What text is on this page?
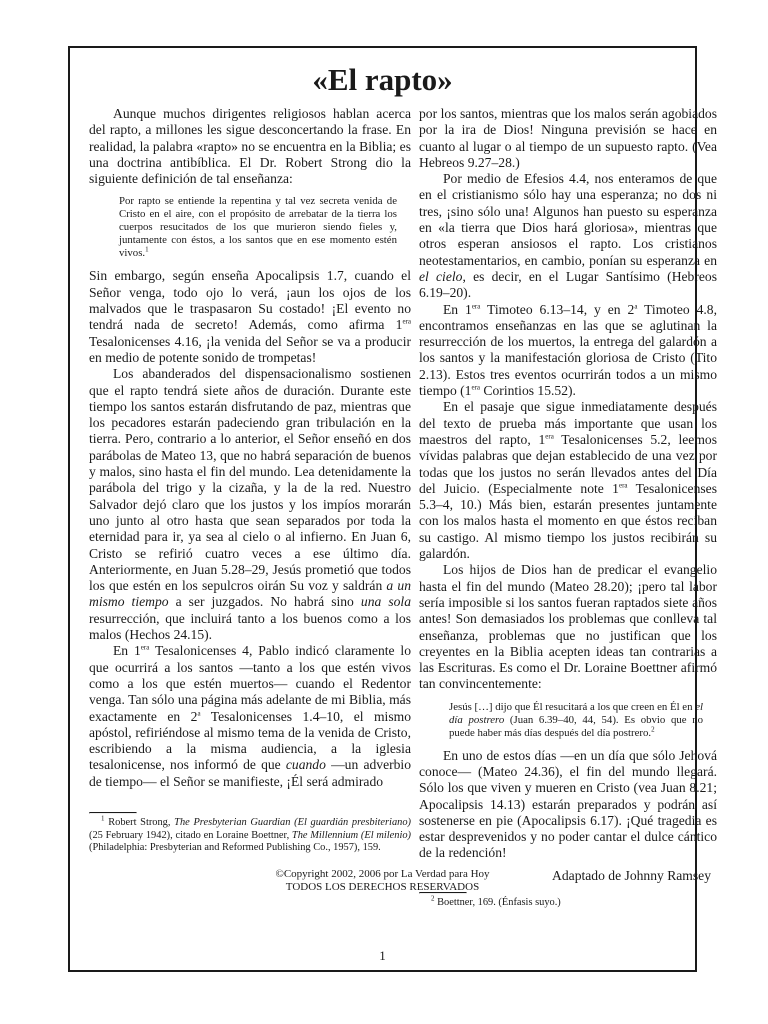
«El rapto»

Aunque muchos dirigentes religiosos hablan acerca del rapto, a millones les sigue desconcertando la frase. En realidad, la palabra «rapto» no se encuentra en la Biblia; es una doctrina antibíblica. El Dr. Robert Strong dio la siguiente definición de tal enseñanza:

Por rapto se entiende la repentina y tal vez secreta venida de Cristo en el aire, con el propósito de arrebatar de la tierra los cuerpos resucitados de los que murieron siendo fieles y, juntamente con éstos, a los santos que en ese momento estén vivos.$^1$

Sin embargo, según enseña Apocalipsis 1.7, cuando el Señor venga, todo ojo lo verá, ¡aun los ojos de los malvados que le traspasaron Su costado! ¡El evento no tendrá nada de secreto! Además, como afirma $1^{era}$ Tesalonicenses 4.16, ¡la venida del Señor se va a producir en medio de potente sonido de trompetas!

Los abanderados del dispensacionalismo sostienen que el rapto tendrá siete años de duración. Durante este tiempo los santos estarán disfrutando de paz, mientras que los pecadores estarán padeciendo gran tribulación en la tierra. Pero, contrario a lo anterior, el Señor enseñó en dos parábolas de Mateo 13, que no habrá separación de buenos y malos, sino hasta el fin del mundo. Lea detenidamente la parábola del trigo y la cizaña, y la de la red. Nuestro Salvador dejó claro que los justos y los impíos morarán uno junto al otro hasta que sean separados por toda la eternidad para ir, ya sea al cielo o al infierno. En Juan 6, Cristo se refirió cuatro veces a ese último día. Anteriormente, en Juan 5.28–29, Jesús prometió que todos los que estén en los sepulcros oirán Su voz y saldrán a un mismo tiempo a ser juzgados. No habrá sino una sola resurrección, que incluirá tanto a los buenos como a los malos (Hechos 24.15).

En $1^{era}$ Tesalonicenses 4, Pablo indicó claramente lo que ocurrirá a los santos —tanto a los que estén vivos como a los que estén muertos— cuando el Redentor venga. Tan sólo una página más adelante de mi Biblia, más exactamente en 2$^a$ Tesalonicenses 1.4–10, el mismo apóstol, refiriéndose al mismo tema de la venida de Cristo, escribiendo a la misma audiencia, a la iglesia tesalonicense, nos informó de que cuando —un adverbio de tiempo— el Señor se manifieste, ¡Él será admirado

$^1$ Robert Strong, The Presbyterian Guardian (El guardián presbiteriano) (25 February 1942), citado en Loraine Boettner, The Millennium (El milenio) (Philadelphia: Presbyterian and Reformed Publishing Co., 1957), 159.

por los santos, mientras que los malos serán agobiados por la ira de Dios! Ninguna previsión se hace en cuanto al lugar o al tiempo de un supuesto rapto. (Vea Hebreos 9.27–28.)

Por medio de Efesios 4.4, nos enteramos de que en el cristianismo sólo hay una esperanza; no dos ni tres, ¡sino sólo una! Algunos han puesto su esperanza en «la tierra que Dios hará gloriosa», mientras que otros esperan ansiosos el rapto. Los cristianos neotestamentarios, en cambio, ponían su esperanza en el cielo, es decir, en el Lugar Santísimo (Hebreos 6.19–20).

En $1^{era}$ Timoteo 6.13–14, y en 2$^a$ Timoteo 4.8, encontramos enseñanzas en las que se aglutinan la resurrección de los muertos, la entrega del galardón a los santos y la manifestación gloriosa de Cristo (Tito 2.13). Estos tres eventos ocurrirán todos a un mismo tiempo ($1^{era}$ Corintios 15.52).

En el pasaje que sigue inmediatamente después del texto de prueba más importante que usan los maestros del rapto, $1^{era}$ Tesalonicenses 5.2, leemos vívidas palabras que dejan establecido de una vez por todas que los justos no serán llevados antes del Día del Juicio. (Especialmente note $1^{era}$ Tesalonicenses 5.3–4, 10.) Más bien, estarán presentes juntamente con los malos hasta el momento en que éstos reciban su castigo. Al mismo tiempo los justos recibirán su galardón.

Los hijos de Dios han de predicar el evangelio hasta el fin del mundo (Mateo 28.20); ¡pero tal labor sería imposible si los santos fueran raptados siete años antes! Son demasiados los problemas que conlleva tal enseñanza, problemas que no justifican que los creyentes en la Biblia acepten ideas tan contrarias a las Escrituras. Es como el Dr. Loraine Boettner afirmó tan convincentemente:

Jesús […] dijo que Él resucitará a los que creen en Él en el día postrero (Juan 6.39–40, 44, 54). Es obvio que no puede haber más días después del día postrero.$^2$

En uno de estos días —en un día que sólo Jehová conoce— (Mateo 24.36), el fin del mundo llegará. Sólo los que viven y mueren en Cristo (vea Juan 8.21; Apocalipsis 14.13) estarán preparados y podrán así sostenerse en pie (Apocalipsis 6.17). ¡Qué tragedia es estar desprevenidos y no poder cantar el dulce cántico de la redención!

Adaptado de Johnny Ramsey

$^2$ Boettner, 169. (Énfasis suyo.)

©Copyright 2002, 2006 por La Verdad para Hoy
TODOS LOS DERECHOS RESERVADOS
1
